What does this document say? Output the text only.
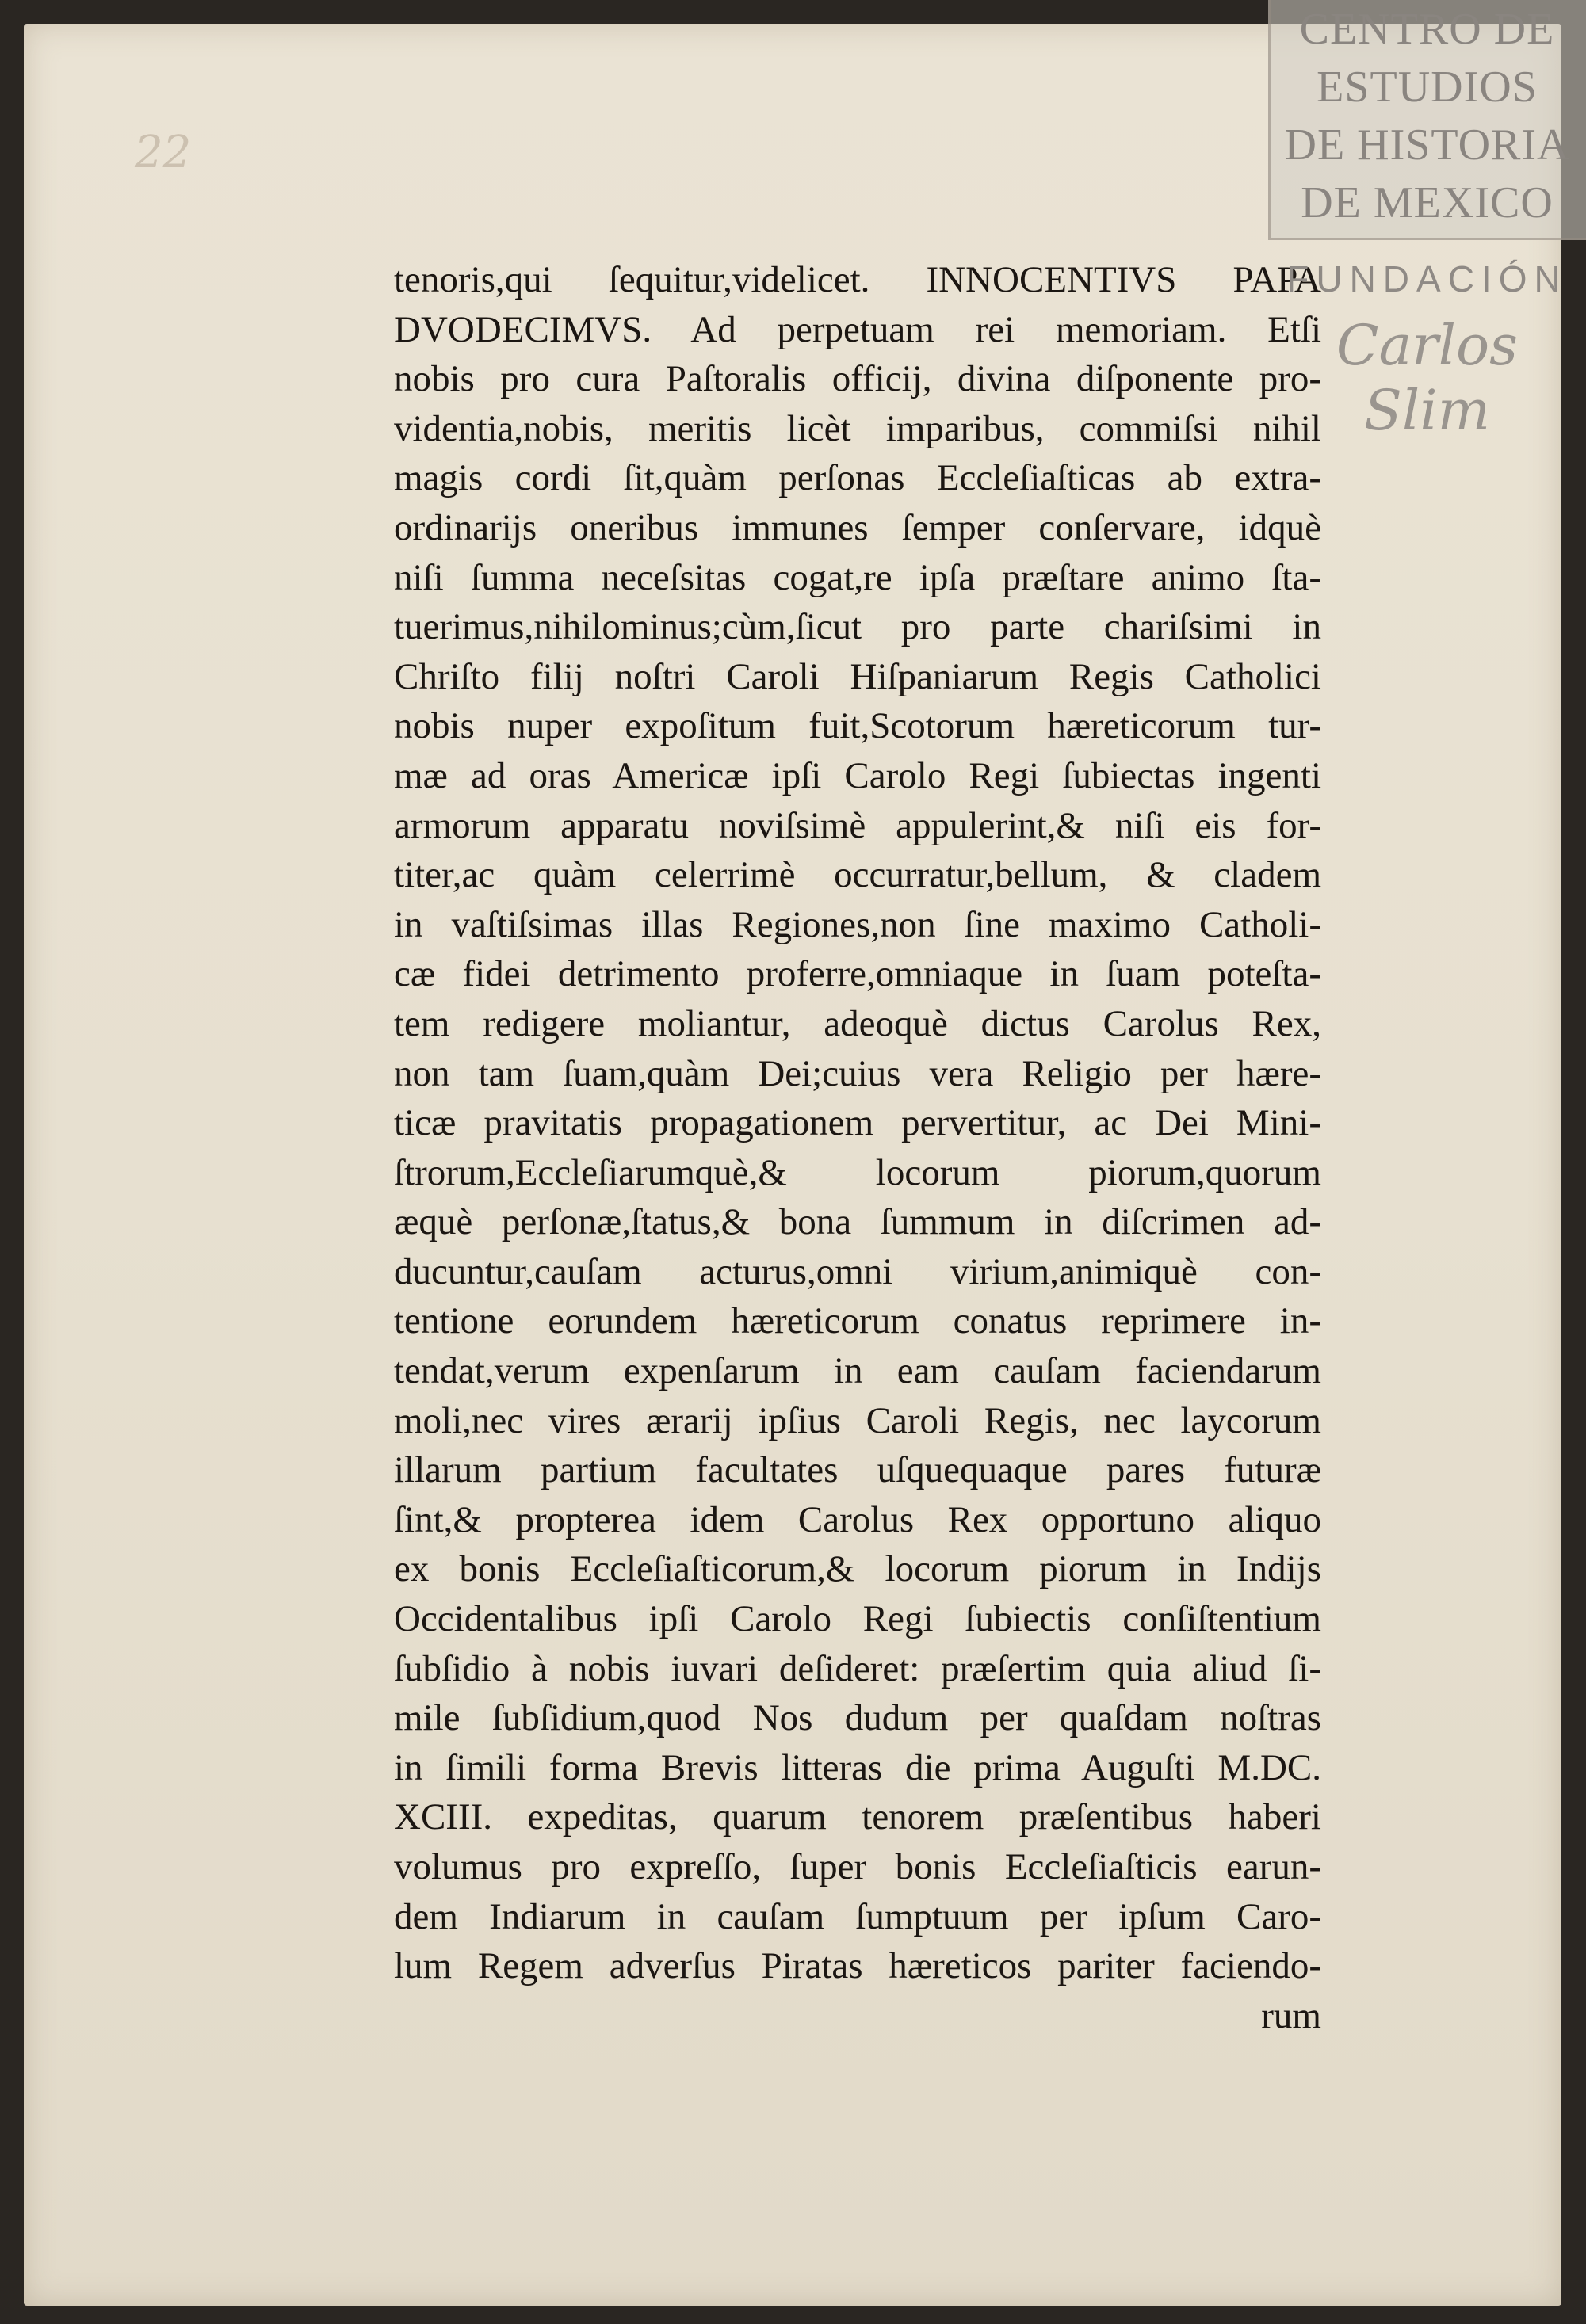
22
tenoris,qui ſequitur,videlicet. INNOCENTIVS PAPA
DVODECIMVS. Ad perpetuam rei memoriam. Etſi
nobis pro cura Paſtoralis officij, divina diſponente pro-
videntia,nobis, meritis licèt imparibus, commiſsi nihil
magis cordi ſit,quàm perſonas Eccleſiaſticas ab extra-
ordinarijs oneribus immunes ſemper conſervare, idquè
niſi ſumma neceſsitas cogat,re ipſa præſtare animo ſta-
tuerimus,nihilominus;cùm,ſicut pro parte chariſsimi in
Chriſto filij noſtri Caroli Hiſpaniarum Regis Catholici
nobis nuper expoſitum fuit,Scotorum hæreticorum tur-
mæ ad oras Americæ ipſi Carolo Regi ſubiectas ingenti
armorum apparatu noviſsimè appulerint,& niſi eis for-
titer,ac quàm celerrimè occurratur,bellum, & cladem
in vaſtiſsimas illas Regiones,non ſine maximo Catholi-
cæ fidei detrimento proferre,omniaque in ſuam poteſta-
tem redigere moliantur, adeoquè dictus Carolus Rex,
non tam ſuam,quàm Dei;cuius vera Religio per hære-
ticæ pravitatis propagationem pervertitur, ac Dei Mini-
ſtrorum,Eccleſiarumquè,& locorum piorum,quorum
æquè perſonæ,ſtatus,& bona ſummum in diſcrimen ad-
ducuntur,cauſam acturus,omni virium,animiquè con-
tentione eorundem hæreticorum conatus reprimere in-
tendat,verum expenſarum in eam cauſam faciendarum
moli,nec vires ærarij ipſius Caroli Regis, nec laycorum
illarum partium facultates uſquequaque pares futuræ
ſint,& propterea idem Carolus Rex opportuno aliquo
ex bonis Eccleſiaſticorum,& locorum piorum in Indijs
Occidentalibus ipſi Carolo Regi ſubiectis conſiſtentium
ſubſidio à nobis iuvari deſideret: præſertim quia aliud ſi-
mile ſubſidium,quod Nos dudum per quaſdam noſtras
in ſimili forma Brevis litteras die prima Auguſti M.DC.
XCIII. expeditas, quarum tenorem præſentibus haberi
volumus pro expreſſo, ſuper bonis Eccleſiaſticis earun-
dem Indiarum in cauſam ſumptuum per ipſum Caro-
lum Regem adverſus Piratas hæreticos pariter faciendo-
rum
CENTRO DE
ESTUDIOS
DE HISTORIA
DE MEXICO
FUNDACIÓN
Carlos Slim
